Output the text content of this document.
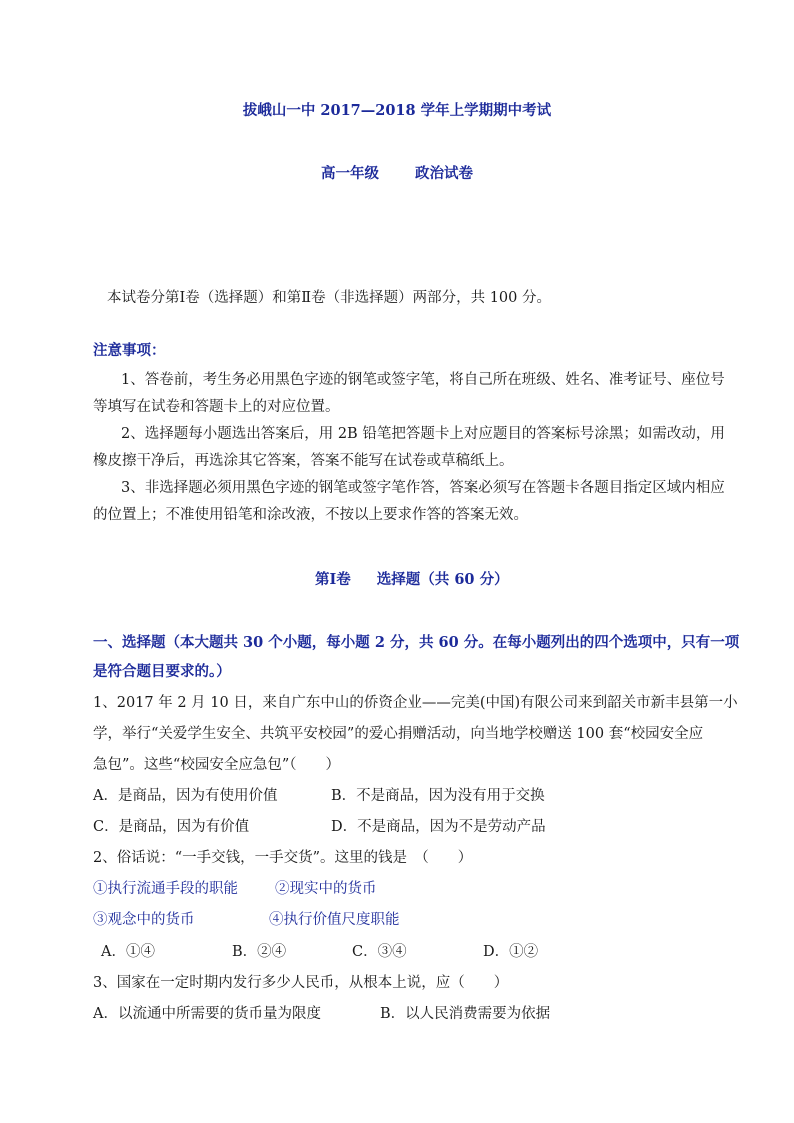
拔峨山一中 2017—2018 学年上学期期中考试
高一年级 政治试卷
本试卷分第Ⅰ卷（选择题）和第Ⅱ卷（非选择题）两部分，共 100 分。
注意事项：
1、答卷前，考生务必用黑色字迹的钢笔或签字笔，将自己所在班级、姓名、准考证号、座位号
等填写在试卷和答题卡上的对应位置。
2、选择题每小题选出答案后，用 2B 铅笔把答题卡上对应题目的答案标号涂黑；如需改动，用
橡皮擦干净后，再选涂其它答案，答案不能写在试卷或草稿纸上。
3、非选择题必须用黑色字迹的钢笔或签字笔作答，答案必须写在答题卡各题目指定区域内相应
的位置上；不准使用铅笔和涂改液，不按以上要求作答的答案无效。
第Ⅰ卷 选择题（共 60 分）
一、选择题（本大题共 30 个小题，每小题 2 分，共 60 分。在每小题列出的四个选项中，只有一项
是符合题目要求的。）
1、2017 年 2 月 10 日，来自广东中山的侨资企业——完美(中国)有限公司来到韶关市新丰县第一小
学，举行“关爱学生安全、共筑平安校园”的爱心捐赠活动，向当地学校赠送 100 套“校园安全应
急包”。这些“校园安全应急包”（　　）
A．是商品，因为有使用价值	B．不是商品，因为没有用于交换
C．是商品，因为有价值	D．不是商品，因为不是劳动产品
2、俗话说：“一手交钱，一手交货”。这里的钱是　（　　）
①执行流通手段的职能	②现实中的货币
③观念中的货币	④执行价值尺度职能
A．①④	B．②④	C．③④	D．①②
3、国家在一定时期内发行多少人民币，从根本上说，应（　　）
A．以流通中所需要的货币量为限度	B．以人民消费需要为依据
